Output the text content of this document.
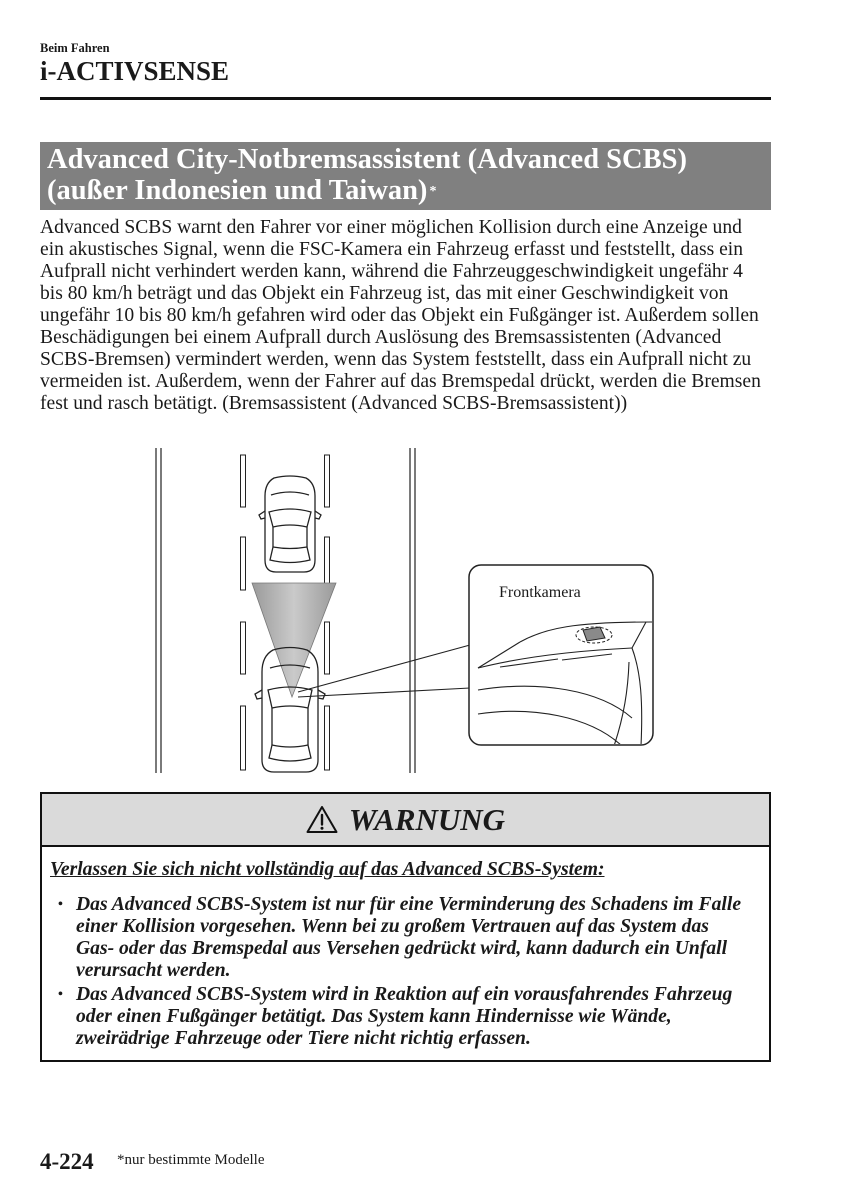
Beim Fahren
i-ACTIVSENSE
Advanced City-Notbremsassistent (Advanced SCBS)
(außer Indonesien und Taiwan) *
Advanced SCBS warnt den Fahrer vor einer möglichen Kollision durch eine Anzeige und
ein akustisches Signal, wenn die FSC-Kamera ein Fahrzeug erfasst und feststellt, dass ein
Aufprall nicht verhindert werden kann, während die Fahrzeuggeschwindigkeit ungefähr 4
bis 80 km/h beträgt und das Objekt ein Fahrzeug ist, das mit einer Geschwindigkeit von
ungefähr 10 bis 80 km/h gefahren wird oder das Objekt ein Fußgänger ist. Außerdem sollen
Beschädigungen bei einem Aufprall durch Auslösung des Bremsassistenten (Advanced
SCBS-Bremsen) vermindert werden, wenn das System feststellt, dass ein Aufprall nicht zu
vermeiden ist. Außerdem, wenn der Fahrer auf das Bremspedal drückt, werden die Bremsen
fest und rasch betätigt. (Bremsassistent (Advanced SCBS-Bremsassistent))
Frontkamera
WARNUNG
Verlassen Sie sich nicht vollständig auf das Advanced SCBS-System:
• Das Advanced SCBS-System ist nur für eine Verminderung des Schadens im Falle
einer Kollision vorgesehen. Wenn bei zu großem Vertrauen auf das System das
Gas- oder das Bremspedal aus Versehen gedrückt wird, kann dadurch ein Unfall
verursacht werden.
• Das Advanced SCBS-System wird in Reaktion auf ein vorausfahrendes Fahrzeug
oder einen Fußgänger betätigt. Das System kann Hindernisse wie Wände,
zweirädrige Fahrzeuge oder Tiere nicht richtig erfassen.
4-224 *nur bestimmte Modelle
